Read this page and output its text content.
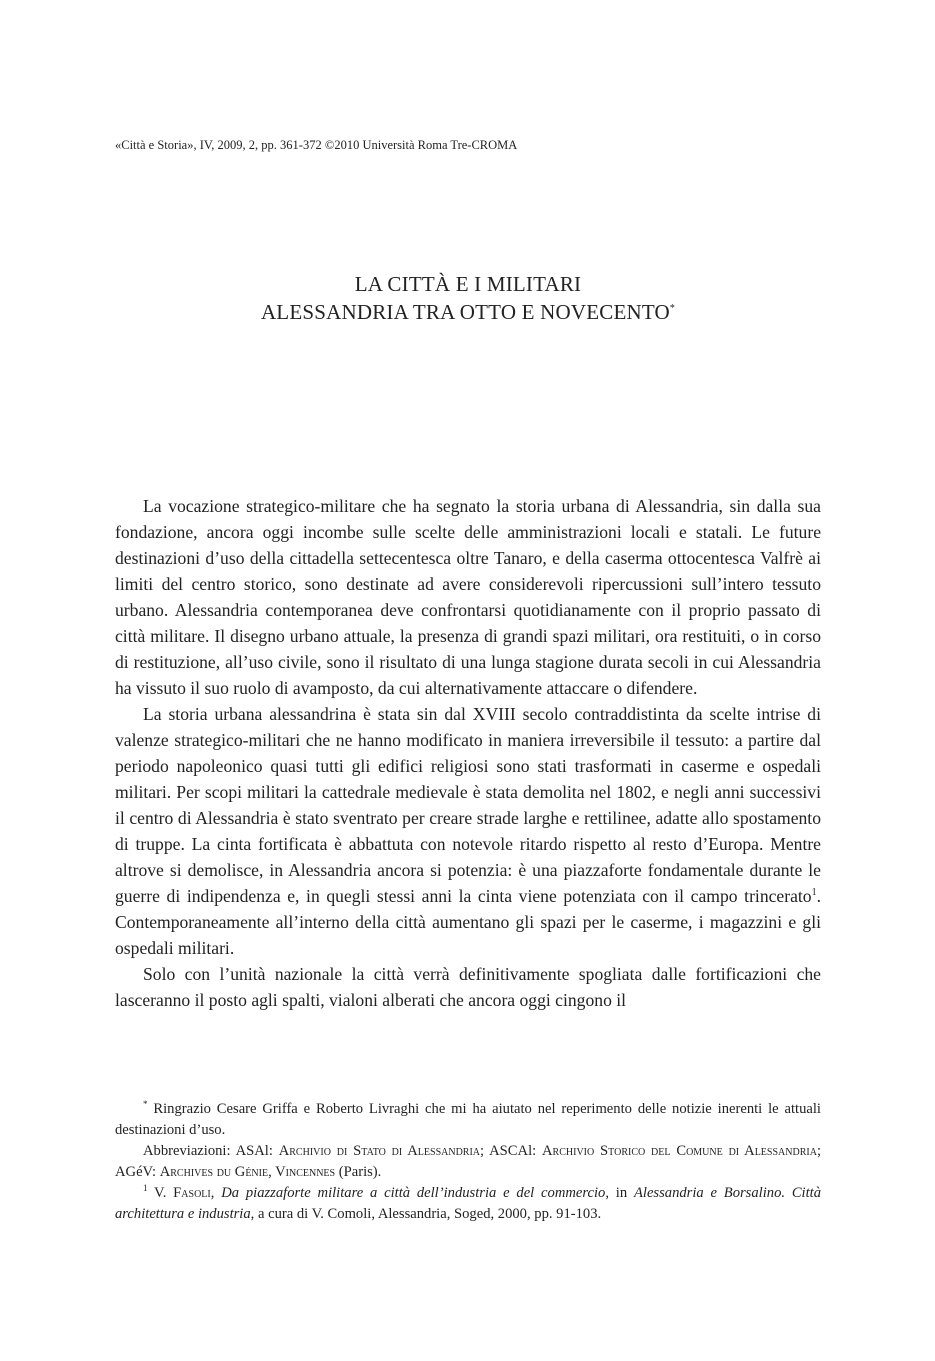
«Città e Storia», IV, 2009, 2, pp. 361-372 ©2010 Università Roma Tre-CROMA
LA CITTÀ E I MILITARI
ALESSANDRIA TRA OTTO E NOVECENTO*

La vocazione strategico-militare che ha segnato la storia urbana di Alessandria, sin dalla sua fondazione, ancora oggi incombe sulle scelte delle amministrazioni locali e statali. Le future destinazioni d’uso della cittadella settecentesca oltre Tanaro, e della caserma ottocentesca Valfrè ai limiti del centro storico, sono destinate ad avere considerevoli ripercussioni sull’intero tessuto urbano. Alessandria contemporanea deve confrontarsi quotidianamente con il proprio passato di città militare. Il disegno urbano attuale, la presenza di grandi spazi militari, ora restituiti, o in corso di restituzione, all’uso civile, sono il risultato di una lunga stagione durata secoli in cui Alessandria ha vissuto il suo ruolo di avamposto, da cui alternativamente attaccare o difendere.

La storia urbana alessandrina è stata sin dal XVIII secolo contraddistinta da scelte intrise di valenze strategico-militari che ne hanno modificato in maniera irreversibile il tessuto: a partire dal periodo napoleonico quasi tutti gli edifici religiosi sono stati trasformati in caserme e ospedali militari. Per scopi militari la cattedrale medievale è stata demolita nel 1802, e negli anni successivi il centro di Alessandria è stato sventrato per creare strade larghe e rettilinee, adatte allo spostamento di truppe. La cinta fortificata è abbattuta con notevole ritardo rispetto al resto d’Europa. Mentre altrove si demolisce, in Alessandria ancora si potenzia: è una piazzaforte fondamentale durante le guerre di indipendenza e, in quegli stessi anni la cinta viene potenziata con il campo trincerato$^1$. Contemporaneamente all’interno della città aumentano gli spazi per le caserme, i magazzini e gli ospedali militari.

Solo con l’unità nazionale la città verrà definitivamente spogliata dalle fortificazioni che lasceranno il posto agli spalti, vialoni alberati che ancora oggi cingono il

* Ringrazio Cesare Griffa e Roberto Livraghi che mi ha aiutato nel reperimento delle notizie inerenti le attuali destinazioni d’uso.

Abbreviazioni: ASAl: Archivio di Stato di Alessandria; ASCAl: Archivio Storico del Comune di Alessandria; AGéV: Archives du Génie, Vincennes (Paris).

$^1$ V. Fasoli, Da piazzaforte militare a città dell’industria e del commercio, in Alessandria e Borsalino. Città architettura e industria, a cura di V. Comoli, Alessandria, Soged, 2000, pp. 91-103.
